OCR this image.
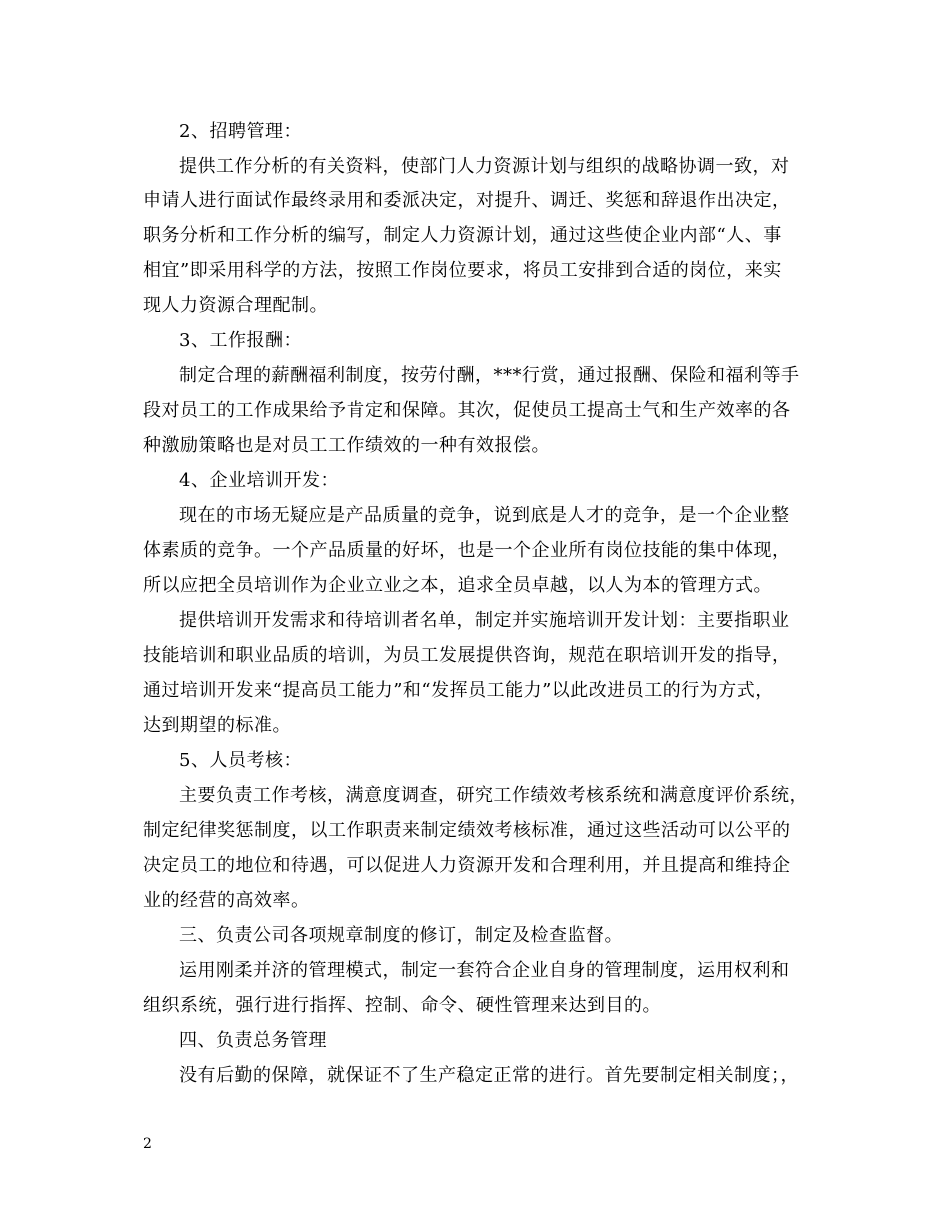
2、招聘管理：
提供工作分析的有关资料，使部门人力资源计划与组织的战略协调一致，对
申请人进行面试作最终录用和委派决定，对提升、调迁、奖惩和辞退作出决定，
职务分析和工作分析的编写，制定人力资源计划，通过这些使企业内部“人、事
相宜”即采用科学的方法，按照工作岗位要求，将员工安排到合适的岗位，来实
现人力资源合理配制。
3、工作报酬：
制定合理的薪酬福利制度，按劳付酬，***行赏，通过报酬、保险和福利等手
段对员工的工作成果给予肯定和保障。其次，促使员工提高士气和生产效率的各
种激励策略也是对员工工作绩效的一种有效报偿。
4、企业培训开发：
现在的市场无疑应是产品质量的竞争，说到底是人才的竞争，是一个企业整
体素质的竞争。一个产品质量的好坏，也是一个企业所有岗位技能的集中体现，
所以应把全员培训作为企业立业之本，追求全员卓越，以人为本的管理方式。
提供培训开发需求和待培训者名单，制定并实施培训开发计划：主要指职业
技能培训和职业品质的培训，为员工发展提供咨询，规范在职培训开发的指导，
通过培训开发来“提高员工能力”和“发挥员工能力”以此改进员工的行为方式，
达到期望的标准。
5、人员考核：
主要负责工作考核，满意度调查，研究工作绩效考核系统和满意度评价系统，
制定纪律奖惩制度，以工作职责来制定绩效考核标准，通过这些活动可以公平的
决定员工的地位和待遇，可以促进人力资源开发和合理利用，并且提高和维持企
业的经营的高效率。
三、负责公司各项规章制度的修订，制定及检查监督。
运用刚柔并济的管理模式，制定一套符合企业自身的管理制度，运用权利和
组织系统，强行进行指挥、控制、命令、硬性管理来达到目的。
四、负责总务管理
没有后勤的保障，就保证不了生产稳定正常的进行。首先要制定相关制度；，
2
